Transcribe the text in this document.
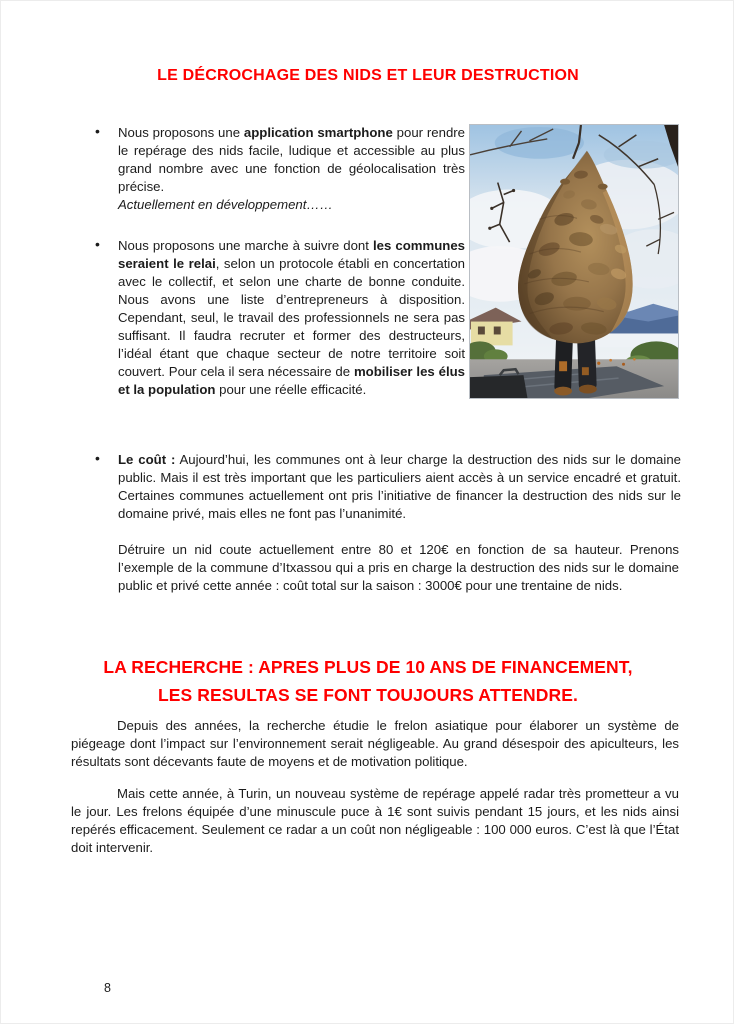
LE DÉCROCHAGE DES NIDS ET LEUR DESTRUCTION
• Nous proposons une application smartphone pour rendre le repérage des nids facile, ludique et accessible au plus grand nombre avec une fonction de géolocalisation très précise.
Actuellement en développement……

• Nous proposons une marche à suivre dont les communes seraient le relai, selon un protocole établi en concertation avec le collectif, et selon une charte de bonne conduite. Nous avons une liste d’entrepreneurs à disposition. Cependant, seul, le travail des professionnels ne sera pas suffisant. Il faudra recruter et former des destructeurs, l’idéal étant que chaque secteur de notre territoire soit couvert. Pour cela il sera nécessaire de mobiliser les élus et la population pour une réelle efficacité.

• Le coût : Aujourd’hui, les communes ont à leur charge la destruction des nids sur le domaine public. Mais il est très important que les particuliers aient accès à un service encadré et gratuit. Certaines communes actuellement ont pris l’initiative de financer la destruction des nids sur le domaine privé, mais elles ne font pas l’unanimité.

Détruire un nid coute actuellement entre 80 et 120€ en fonction de sa hauteur. Prenons l’exemple de la commune d’Itxassou qui a pris en charge la destruction des nids sur le domaine public et privé cette année : coût total sur la saison : 3000€ pour une trentaine de nids.

LA RECHERCHE : APRES PLUS DE 10 ANS DE FINANCEMENT,
LES RESULTAS SE FONT TOUJOURS ATTENDRE.

Depuis des années, la recherche étudie le frelon asiatique pour élaborer un système de piégeage dont l’impact sur l’environnement serait négligeable. Au grand désespoir des apiculteurs, les résultats sont décevants faute de moyens et de motivation politique.

Mais cette année, à Turin, un nouveau système de repérage appelé radar très prometteur a vu le jour. Les frelons équipée d’une minuscule puce à 1€ sont suivis pendant 15 jours, et les nids ainsi repérés efficacement. Seulement ce radar a un coût non négligeable : 100 000 euros. C’est là que l’État doit intervenir.

8
